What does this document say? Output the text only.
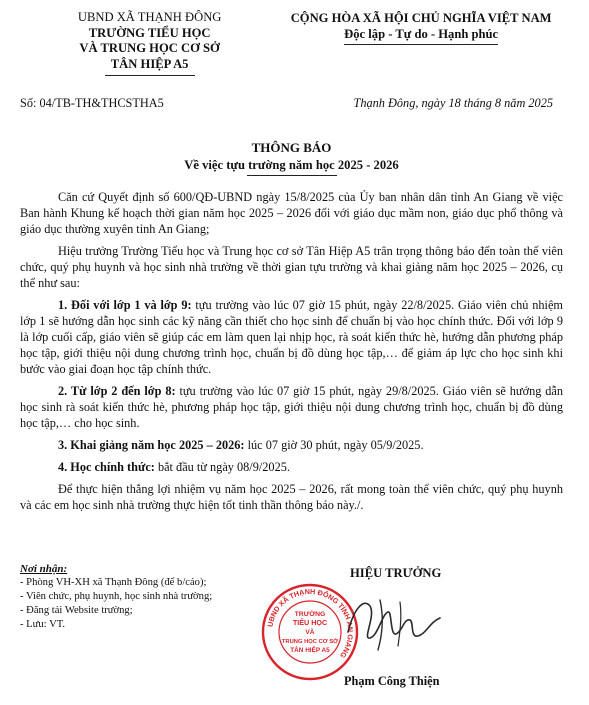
UBND XÃ THẠNH ĐÔNG
TRƯỜNG TIỂU HỌC
VÀ TRUNG HỌC CƠ SỞ
TÂN HIỆP A5
CỘNG HÒA XÃ HỘI CHỦ NGHĨA VIỆT NAM
Độc lập - Tự do - Hạnh phúc
Số: 04/TB-TH&THCSTHA5	Thạnh Đông, ngày 18 tháng 8 năm 2025
THÔNG BÁO
Về việc tựu trường năm học 2025 - 2026

Căn cứ Quyết định số 600/QĐ-UBND ngày 15/8/2025 của Ủy ban nhân dân tỉnh An Giang về việc Ban hành Khung kế hoạch thời gian năm học 2025 – 2026 đối với giáo dục mầm non, giáo dục phổ thông và giáo dục thường xuyên tỉnh An Giang;

Hiệu trưởng Trường Tiểu học và Trung học cơ sở Tân Hiệp A5 trân trọng thông báo đến toàn thể viên chức, quý phụ huynh và học sinh nhà trường về thời gian tựu trường và khai giảng năm học 2025 – 2026, cụ thể như sau:

1. Đối với lớp 1 và lớp 9: tựu trường vào lúc 07 giờ 15 phút, ngày 22/8/2025. Giáo viên chủ nhiệm lớp 1 sẽ hướng dẫn học sinh các kỹ năng cần thiết cho học sinh để chuẩn bị vào học chính thức. Đối với lớp 9 là lớp cuối cấp, giáo viên sẽ giúp các em làm quen lại nhịp học, rà soát kiến thức hè, hướng dẫn phương pháp học tập, giới thiệu nội dung chương trình học, chuẩn bị đồ dùng học tập,… để giảm áp lực cho học sinh khi bước vào giai đoạn học tập chính thức.

2. Từ lớp 2 đến lớp 8: tựu trường vào lúc 07 giờ 15 phút, ngày 29/8/2025. Giáo viên sẽ hướng dẫn học sinh rà soát kiến thức hè, phương pháp học tập, giới thiệu nội dung chương trình học, chuẩn bị đồ dùng học tập,… cho học sinh.

3. Khai giảng năm học 2025 – 2026: lúc 07 giờ 30 phút, ngày 05/9/2025.

4. Học chính thức: bắt đầu từ ngày 08/9/2025.

Để thực hiện thắng lợi nhiệm vụ năm học 2025 – 2026, rất mong toàn thể viên chức, quý phụ huynh và các em học sinh nhà trường thực hiện tốt tinh thần thông báo này./.

Nơi nhận:
- Phòng VH-XH xã Thạnh Đông (để b/cáo);
- Viên chức, phụ huynh, học sinh nhà trường;
- Đăng tải Website trường;
- Lưu: VT.
HIỆU TRƯỞNG
UBND XÃ THẠNH ĐÔNG TỈNH AN GIANG
TRƯỜNG
TIỂU HỌC
VÀ
TRUNG HỌC CƠ SỞ
TÂN HIỆP A5
Phạm Công Thiện
